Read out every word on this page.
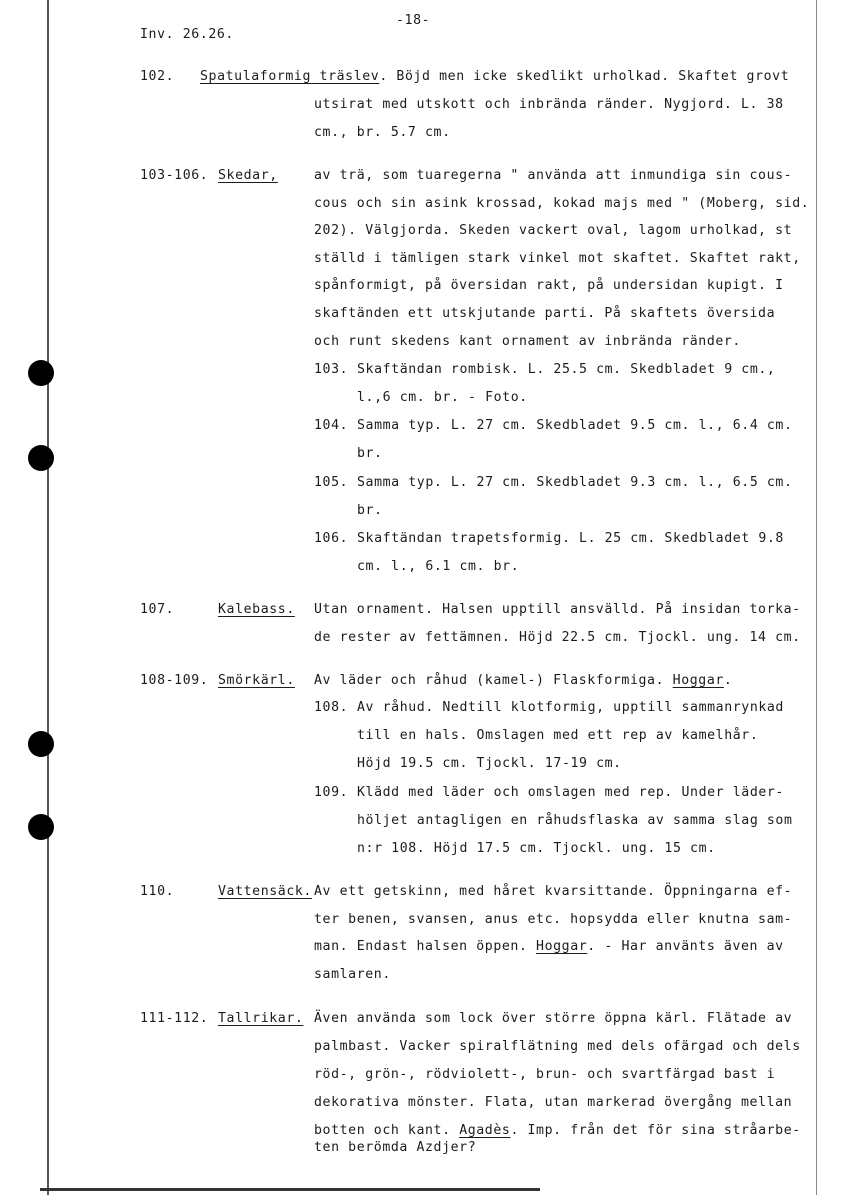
Inv. 26.26.
-18-
102. Spatulaformig träslev. Böjd men icke skedlikt urholkad. Skaftet grovt
utsirat med utskott och inbrända ränder. Nygjord. L. 38
cm., br. 5.7 cm.
103-106. Skedar,	av trä, som tuaregerna " använda att inmundiga sin cous-
cous och sin asink krossad, kokad majs med " (Moberg, sid.
202). Välgjorda. Skeden vackert oval, lagom urholkad, st
ställd i tämligen stark vinkel mot skaftet. Skaftet rakt,
spånformigt, på översidan rakt, på undersidan kupigt. I
skaftänden ett utskjutande parti. På skaftets översida
och runt skedens kant ornament av inbrända ränder.
103. Skaftändan rombisk. L. 25.5 cm. Skedbladet 9 cm.,
l.,6 cm. br. - Foto.
104. Samma typ. L. 27 cm. Skedbladet 9.5 cm. l., 6.4 cm.
br.
105. Samma typ. L. 27 cm. Skedbladet 9.3 cm. l., 6.5 cm.
br.
106. Skaftändan trapetsformig. L. 25 cm. Skedbladet 9.8
cm. l., 6.1 cm. br.
107.	Kalebass. Utan ornament. Halsen upptill ansvälld. På insidan torka-
de rester av fettämnen. Höjd 22.5 cm. Tjockl. ung. 14 cm.
108-109. Smörkärl. Av läder och råhud (kamel-) Flaskformiga. Hoggar.
108. Av råhud. Nedtill klotformig, upptill sammanrynkad
till en hals. Omslagen med ett rep av kamelhår.
Höjd 19.5 cm. Tjockl. 17-19 cm.
109. Klädd med läder och omslagen med rep. Under läder-
höljet antagligen en råhudsflaska av samma slag som
n:r 108. Höjd 17.5 cm. Tjockl. ung. 15 cm.
110.	Vattensäck. Av ett getskinn, med håret kvarsittande. Öppningarna ef-
ter benen, svansen, anus etc. hopsydda eller knutna sam-
man. Endast halsen öppen. Hoggar. - Har använts även av
samlaren.
111-112. Tallrikar. Även använda som lock över större öppna kärl. Flätade av
palmbast. Vacker spiralflätning med dels ofärgad och dels
röd-, grön-, rödviolett-, brun- och svartfärgad bast i
dekorativa mönster. Flata, utan markerad övergång mellan
botten och kant. Agadès. Imp. från det för sina stråarbe-
ten berömda Azdjer?
